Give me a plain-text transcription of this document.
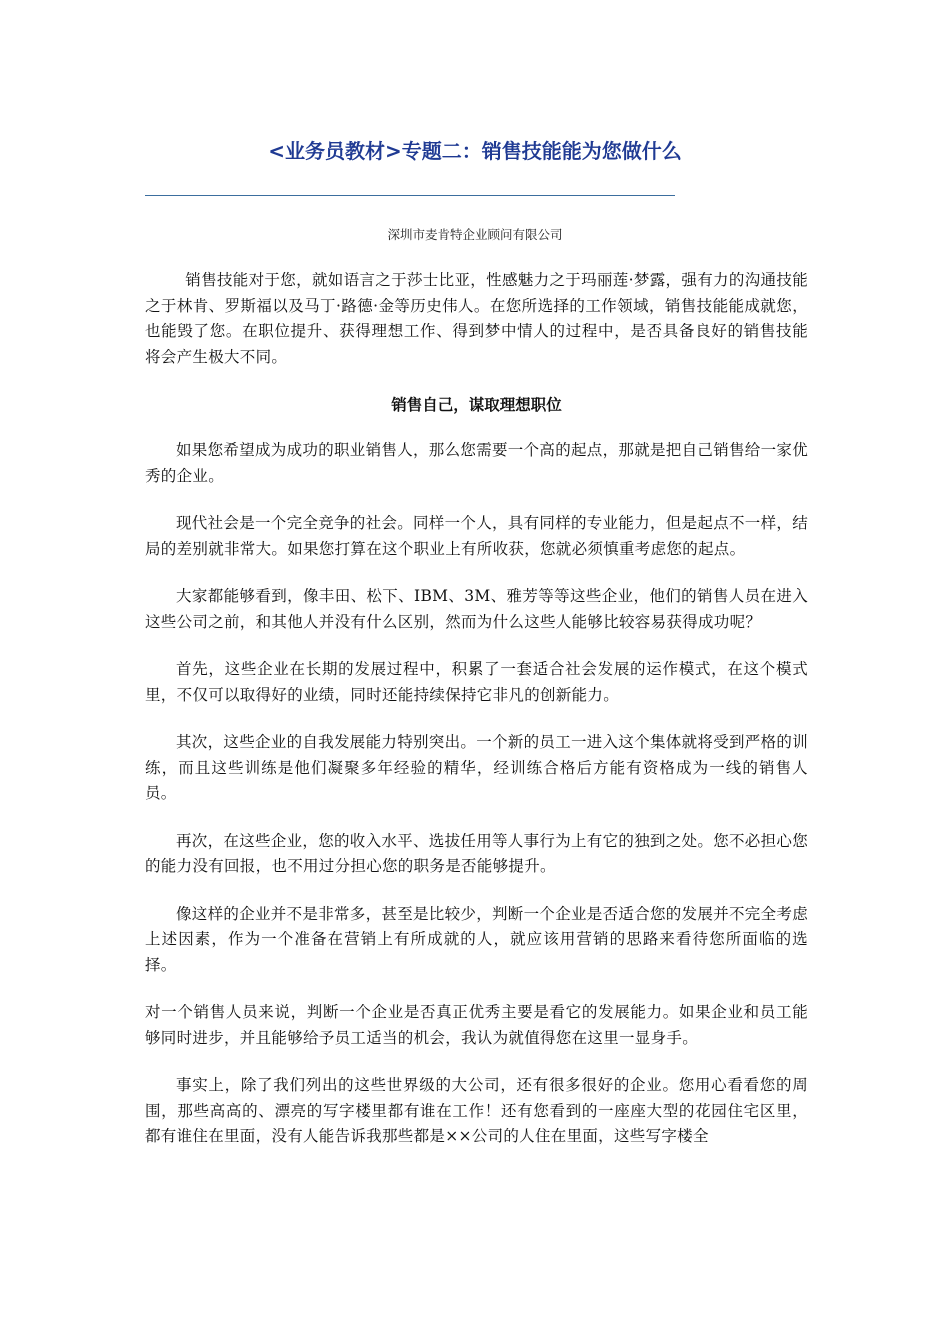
<业务员教材>专题二：销售技能能为您做什么
深圳市麦肯特企业顾问有限公司

销售技能对于您，就如语言之于莎士比亚，性感魅力之于玛丽莲·梦露，强有力的沟通技能之于林肯、罗斯福以及马丁·路德·金等历史伟人。在您所选择的工作领域，销售技能能成就您，也能毁了您。在职位提升、获得理想工作、得到梦中情人的过程中，是否具备良好的销售技能将会产生极大不同。

销售自己，谋取理想职位

如果您希望成为成功的职业销售人，那么您需要一个高的起点，那就是把自己销售给一家优秀的企业。

现代社会是一个完全竞争的社会。同样一个人，具有同样的专业能力，但是起点不一样，结局的差别就非常大。如果您打算在这个职业上有所收获，您就必须慎重考虑您的起点。

大家都能够看到，像丰田、松下、IBM、3M、雅芳等等这些企业，他们的销售人员在进入这些公司之前，和其他人并没有什么区别，然而为什么这些人能够比较容易获得成功呢？

首先，这些企业在长期的发展过程中，积累了一套适合社会发展的运作模式，在这个模式里，不仅可以取得好的业绩，同时还能持续保持它非凡的创新能力。

其次，这些企业的自我发展能力特别突出。一个新的员工一进入这个集体就将受到严格的训练，而且这些训练是他们凝聚多年经验的精华，经训练合格后方能有资格成为一线的销售人员。

再次，在这些企业，您的收入水平、选拔任用等人事行为上有它的独到之处。您不必担心您的能力没有回报，也不用过分担心您的职务是否能够提升。

像这样的企业并不是非常多，甚至是比较少，判断一个企业是否适合您的发展并不完全考虑上述因素，作为一个准备在营销上有所成就的人，就应该用营销的思路来看待您所面临的选择。

对一个销售人员来说，判断一个企业是否真正优秀主要是看它的发展能力。如果企业和员工能够同时进步，并且能够给予员工适当的机会，我认为就值得您在这里一显身手。

事实上，除了我们列出的这些世界级的大公司，还有很多很好的企业。您用心看看您的周围，那些高高的、漂亮的写字楼里都有谁在工作！还有您看到的一座座大型的花园住宅区里，都有谁住在里面，没有人能告诉我那些都是××公司的人住在里面，这些写字楼全
